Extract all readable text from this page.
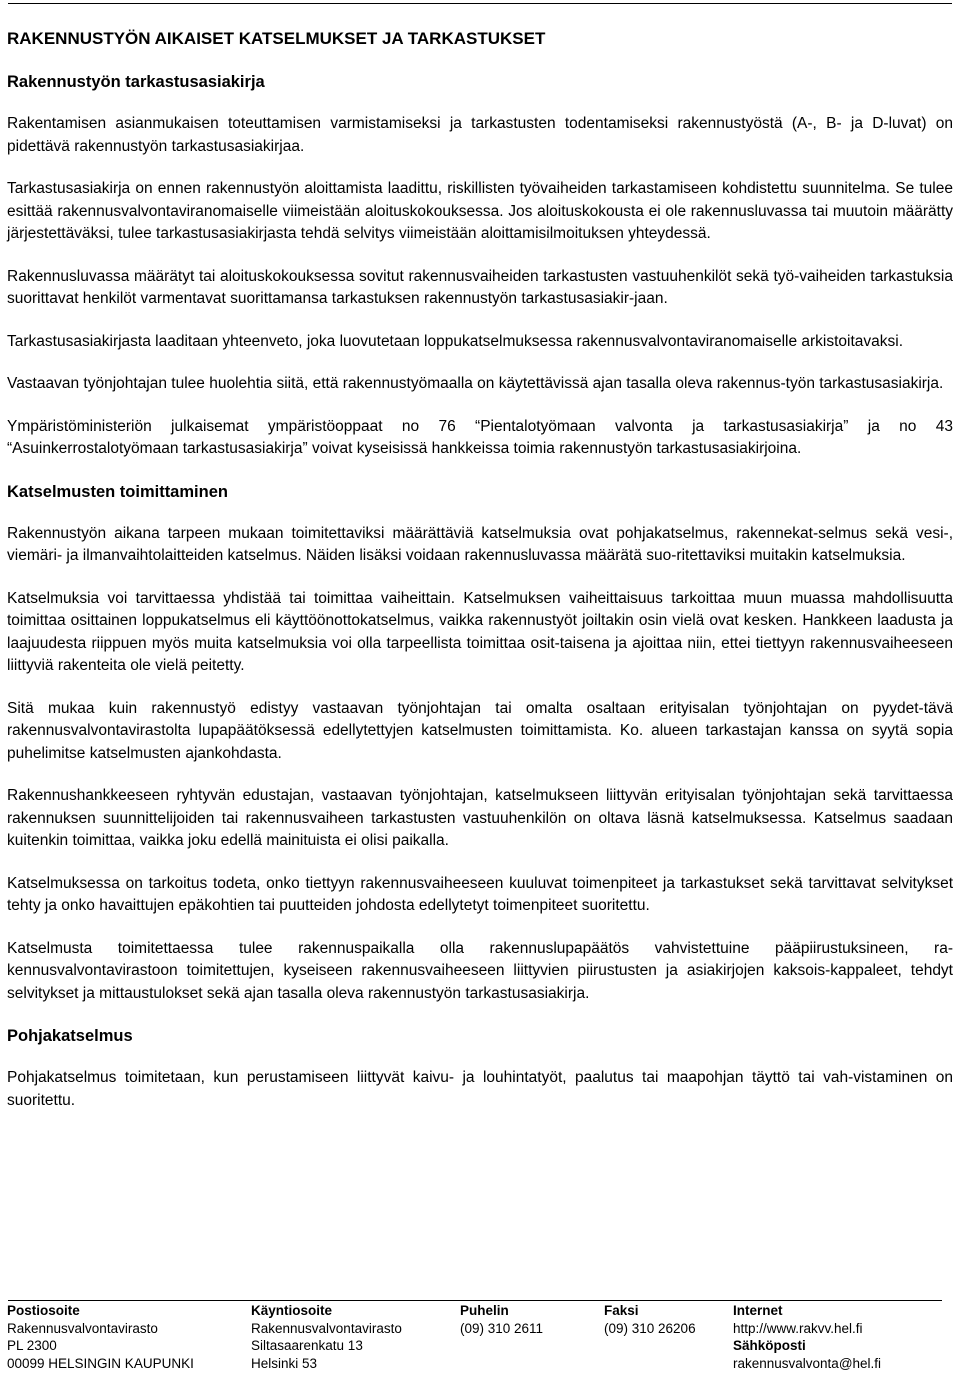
RAKENNUSTYÖN AIKAISET KATSELMUKSET JA TARKASTUKSET
Rakennustyön tarkastusasiakirja

Rakentamisen asianmukaisen toteuttamisen varmistamiseksi ja tarkastusten todentamiseksi rakennustyöstä (A-, B- ja D-luvat) on pidettävä rakennustyön tarkastusasiakirjaa.

Tarkastusasiakirja on ennen rakennustyön aloittamista laadittu, riskillisten työvaiheiden tarkastamiseen kohdistettu suunnitelma. Se tulee esittää rakennusvalvontaviranomaiselle viimeistään aloituskokouksessa. Jos aloituskokousta ei ole rakennusluvassa tai muutoin määrätty järjestettäväksi, tulee tarkastusasiakirjasta tehdä selvitys viimeistään aloittamisilmoituksen yhteydessä.

Rakennusluvassa määrätyt tai aloituskokouksessa sovitut rakennusvaiheiden tarkastusten vastuuhenkilöt sekä työ-vaiheiden tarkastuksia suorittavat henkilöt varmentavat suorittamansa tarkastuksen rakennustyön tarkastusasiakir-jaan.

Tarkastusasiakirjasta laaditaan yhteenveto, joka luovutetaan loppukatselmuksessa rakennusvalvontaviranomaiselle arkistoitavaksi.

Vastaavan työnjohtajan tulee huolehtia siitä, että rakennustyömaalla on käytettävissä ajan tasalla oleva rakennus-työn tarkastusasiakirja.

Ympäristöministeriön julkaisemat ympäristöoppaat no 76 “Pientalotyömaan valvonta ja tarkastusasiakirja” ja no 43 “Asuinkerrostalotyömaan tarkastusasiakirja” voivat kyseisissä hankkeissa toimia rakennustyön tarkastusasiakirjoina.

Katselmusten toimittaminen

Rakennustyön aikana tarpeen mukaan toimitettaviksi määrättäviä katselmuksia ovat pohjakatselmus, rakennekat-selmus sekä vesi-, viemäri- ja ilmanvaihtolaitteiden katselmus. Näiden lisäksi voidaan rakennusluvassa määrätä suo-ritettaviksi muitakin katselmuksia.

Katselmuksia voi tarvittaessa yhdistää tai toimittaa vaiheittain. Katselmuksen vaiheittaisuus tarkoittaa muun muassa mahdollisuutta toimittaa osittainen loppukatselmus eli käyttöönottokatselmus, vaikka rakennustyöt joiltakin osin vielä ovat kesken. Hankkeen laadusta ja laajuudesta riippuen myös muita katselmuksia voi olla tarpeellista toimittaa osit-taisena ja ajoittaa niin, ettei tiettyyn rakennusvaiheeseen liittyviä rakenteita ole vielä peitetty.

Sitä mukaa kuin rakennustyö edistyy vastaavan työnjohtajan tai omalta osaltaan erityisalan työnjohtajan on pyydet-tävä rakennusvalvontavirastolta lupapäätöksessä edellytettyjen katselmusten toimittamista. Ko. alueen tarkastajan kanssa on syytä sopia puhelimitse katselmusten ajankohdasta.

Rakennushankkeeseen ryhtyvän edustajan, vastaavan työnjohtajan, katselmukseen liittyvän erityisalan työnjohtajan sekä tarvittaessa rakennuksen suunnittelijoiden tai rakennusvaiheen tarkastusten vastuuhenkilön on oltava läsnä katselmuksessa. Katselmus saadaan kuitenkin toimittaa, vaikka joku edellä mainituista ei olisi paikalla.

Katselmuksessa on tarkoitus todeta, onko tiettyyn rakennusvaiheeseen kuuluvat toimenpiteet ja tarkastukset sekä tarvittavat selvitykset tehty ja onko havaittujen epäkohtien tai puutteiden johdosta edellytetyt toimenpiteet suoritettu.

Katselmusta toimitettaessa tulee rakennuspaikalla olla rakennuslupapäätös vahvistettuine pääpiirustuksineen, ra-kennusvalvontavirastoon toimitettujen, kyseiseen rakennusvaiheeseen liittyvien piirustusten ja asiakirjojen kaksois-kappaleet, tehdyt selvitykset ja mittaustulokset sekä ajan tasalla oleva rakennustyön tarkastusasiakirja.

Pohjakatselmus

Pohjakatselmus toimitetaan, kun perustamiseen liittyvät kaivu- ja louhintatyöt, paalutus tai maapohjan täyttö tai vah-vistaminen on suoritettu.

Postiosoite
Rakennusvalvontavirasto
PL 2300
00099 HELSINGIN KAUPUNKI
Käyntiosoite
Rakennusvalvontavirasto
Siltasaarenkatu 13
Helsinki 53
Puhelin
(09) 310 2611
Faksi
(09) 310 26206
Internet
http://www.rakvv.hel.fi
Sähköposti
rakennusvalvonta@hel.fi
